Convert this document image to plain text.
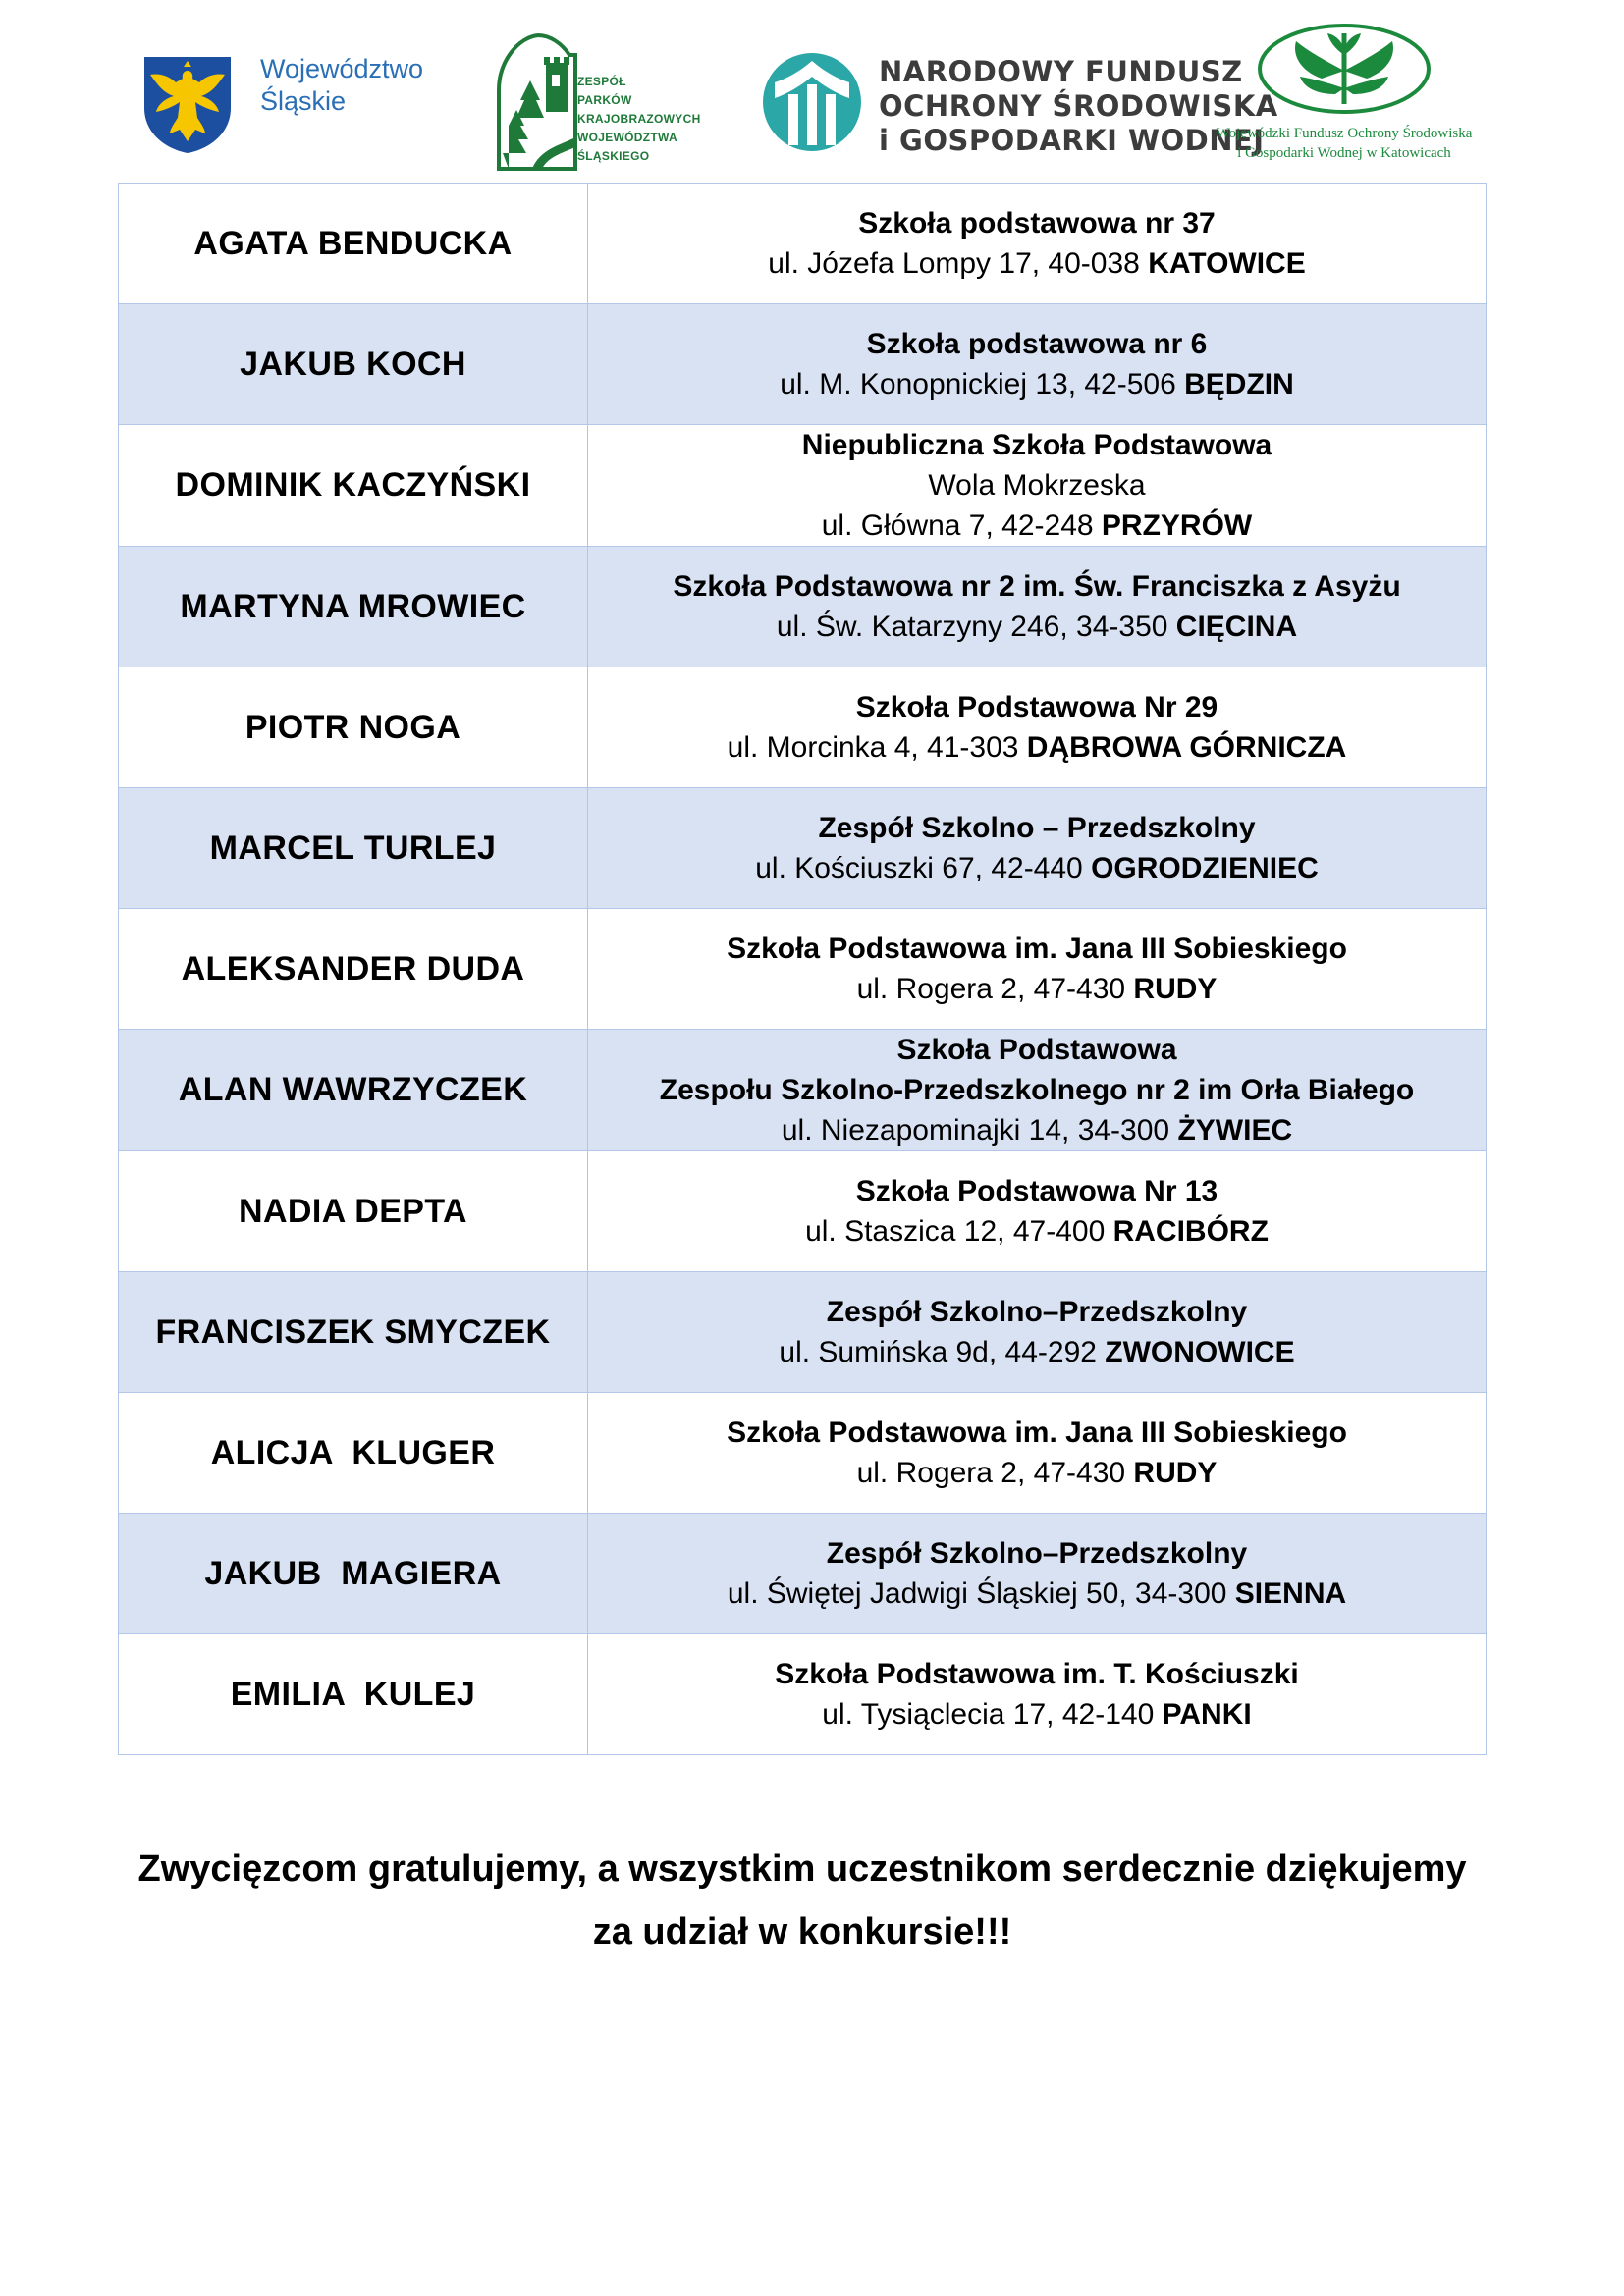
Województwo
Śląskie
ZESPÓŁ
PARKÓW
KRAJOBRAZOWYCH
WOJEWÓDZTWA
ŚLĄSKIEGO
NARODOWY FUNDUSZ
OCHRONY ŚRODOWISKA
i GOSPODARKI WODNEJ
Wojewódzki Fundusz Ochrony Środowiska
i Gospodarki Wodnej w Katowicach
AGATA BENDUCKA	Szkoła podstawowa nr 37
ul. Józefa Lompy 17, 40-038 KATOWICE

JAKUB KOCH	Szkoła podstawowa nr 6
ul. M. Konopnickiej 13, 42-506 BĘDZIN

DOMINIK KACZYŃSKI	Niepubliczna Szkoła Podstawowa
Wola Mokrzeska
ul. Główna 7, 42-248 PRZYRÓW

MARTYNA MROWIEC	Szkoła Podstawowa nr 2 im. Św. Franciszka z Asyżu
ul. Św. Katarzyny 246, 34-350 CIĘCINA

PIOTR NOGA	Szkoła Podstawowa Nr 29
ul. Morcinka 4, 41-303 DĄBROWA GÓRNICZA

MARCEL TURLEJ	Zespół Szkolno – Przedszkolny
ul. Kościuszki 67, 42-440 OGRODZIENIEC

ALEKSANDER DUDA	Szkoła Podstawowa im. Jana III Sobieskiego
ul. Rogera 2, 47-430 RUDY

ALAN WAWRZYCZEK	Szkoła Podstawowa
Zespołu Szkolno-Przedszkolnego nr 2 im Orła Białego
ul. Niezapominajki 14, 34-300 ŻYWIEC

NADIA DEPTA	Szkoła Podstawowa Nr 13
ul. Staszica 12, 47-400 RACIBÓRZ

FRANCISZEK SMYCZEK	Zespół Szkolno–Przedszkolny
ul. Sumińska 9d, 44-292 ZWONOWICE

ALICJA  KLUGER	Szkoła Podstawowa im. Jana III Sobieskiego
ul. Rogera 2, 47-430 RUDY

JAKUB  MAGIERA	Zespół Szkolno–Przedszkolny
ul. Świętej Jadwigi Śląskiej 50, 34-300 SIENNA

EMILIA  KULEJ	Szkoła Podstawowa im. T. Kościuszki
ul. Tysiąclecia 17, 42-140 PANKI
Zwycięzcom gratulujemy, a wszystkim uczestnikom serdecznie dziękujemy
za udział w konkursie!!!
